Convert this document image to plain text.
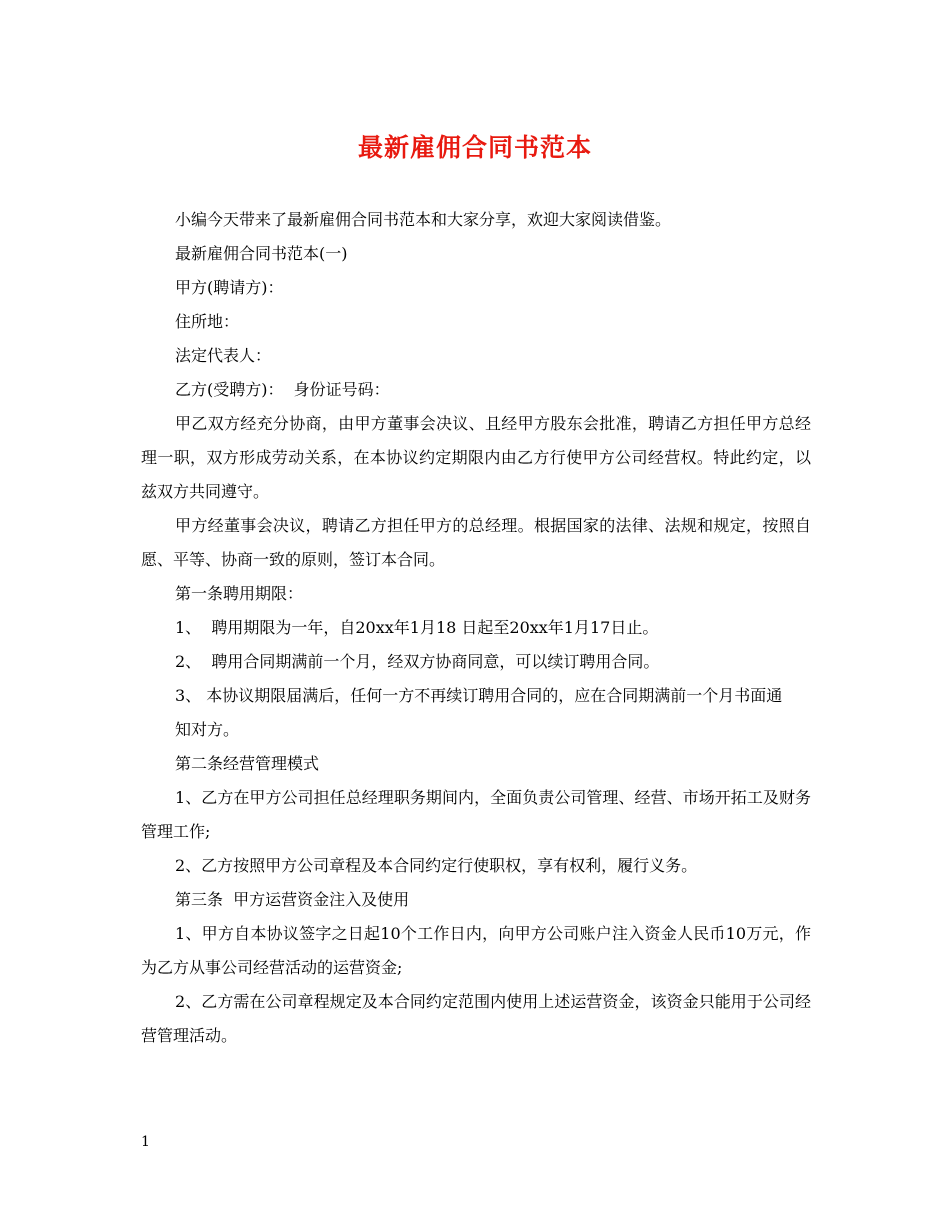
最新雇佣合同书范本

小编今天带来了最新雇佣合同书范本和大家分享，欢迎大家阅读借鉴。

最新雇佣合同书范本(一)

甲方(聘请方)：

住所地：

法定代表人：

乙方(受聘方)：  身份证号码：

甲乙双方经充分协商，由甲方董事会决议、且经甲方股东会批准，聘请乙方担任甲方总经理一职，双方形成劳动关系，在本协议约定期限内由乙方行使甲方公司经营权。特此约定，以兹双方共同遵守。

甲方经董事会决议，聘请乙方担任甲方的总经理。根据国家的法律、法规和规定，按照自愿、平等、协商一致的原则，签订本合同。

第一条聘用期限：

1、  聘用期限为一年，自20xx年1月18 日起至20xx年1月17日止。

2、  聘用合同期满前一个月，经双方协商同意，可以续订聘用合同。

3、 本协议期限届满后，任何一方不再续订聘用合同的，应在合同期满前一个月书面通

知对方。

第二条经营管理模式

1、乙方在甲方公司担任总经理职务期间内，全面负责公司管理、经营、市场开拓工及财务管理工作;

2、乙方按照甲方公司章程及本合同约定行使职权，享有权利，履行义务。

第三条  甲方运营资金注入及使用

1、甲方自本协议签字之日起10个工作日内，向甲方公司账户注入资金人民币10万元，作为乙方从事公司经营活动的运营资金;

2、乙方需在公司章程规定及本合同约定范围内使用上述运营资金，该资金只能用于公司经营管理活动。

1
